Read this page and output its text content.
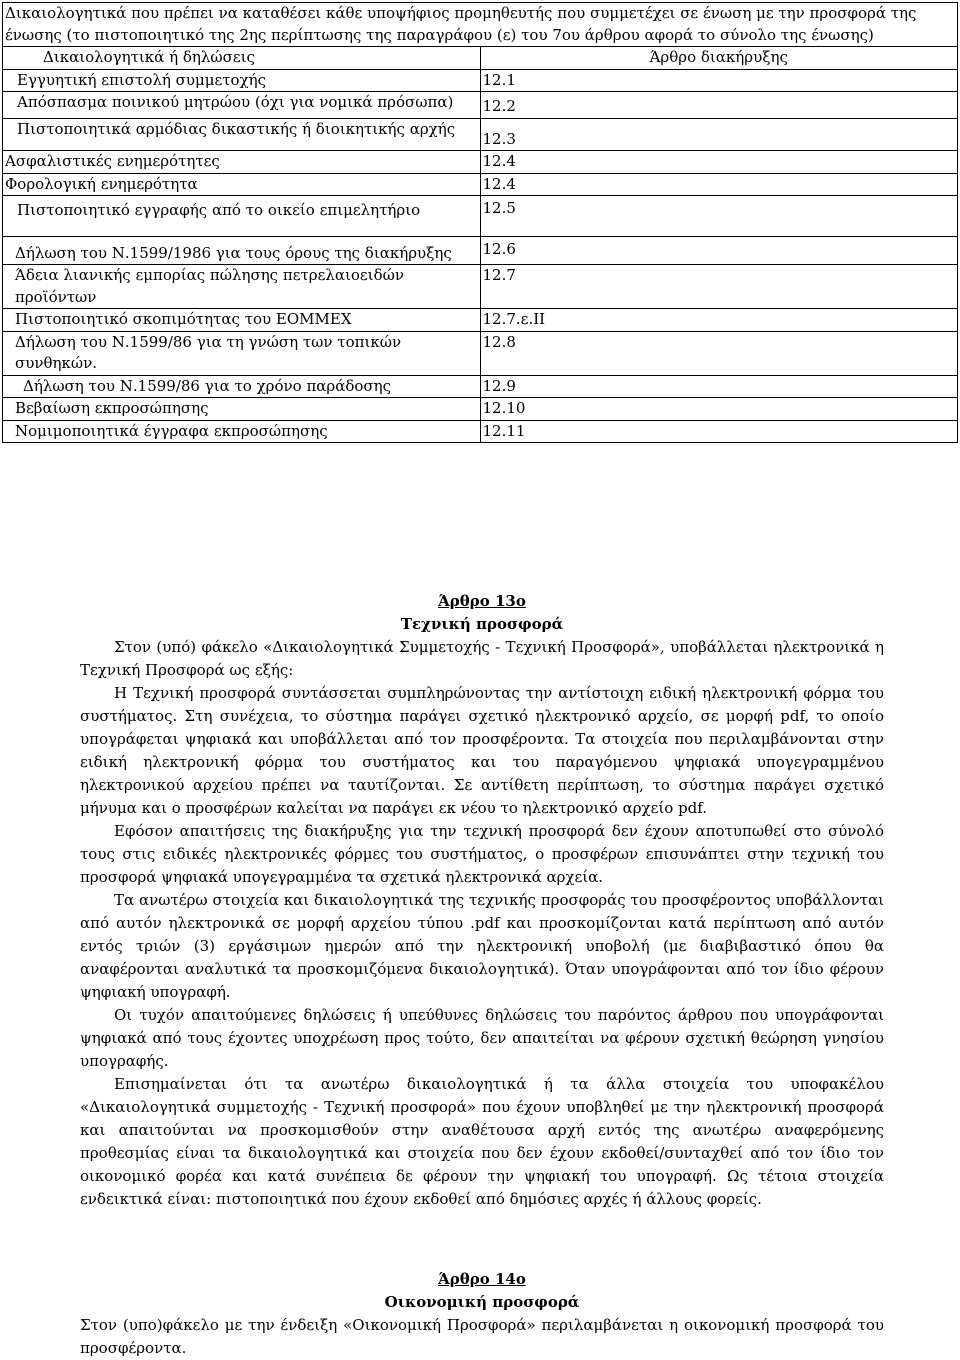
Δικαιολογητικά που πρέπει να καταθέσει κάθε υποψήφιος προμηθευτής που συμμετέχει σε ένωση με την προσφορά της ένωσης (το πιστοποιητικό της 2ης περίπτωσης της παραγράφου (ε) του 7ου άρθρου αφορά το σύνολο της ένωσης)	
Δικαιολογητικά ή δηλώσεις	Άρθρο διακήρυξης
Εγγυητική επιστολή συμμετοχής	12.1
Απόσπασμα ποινικού μητρώου (όχι για νομικά πρόσωπα)	12.2
Πιστοποιητικά αρμόδιας δικαστικής ή διοικητικής αρχής	12.3
Ασφαλιστικές ενημερότητες	12.4
Φορολογική ενημερότητα	12.4
Πιστοποιητικό εγγραφής από το οικείο επιμελητήριο	12.5
Δήλωση του Ν.1599/1986 για τους όρους της διακήρυξης	12.6
Άδεια λιανικής εμπορίας πώλησης πετρελαιοειδών προϊόντων	12.7
Πιστοποιητικό σκοπιμότητας του ΕΟΜΜΕΧ	12.7.ε.ΙΙ
Δήλωση του Ν.1599/86 για τη γνώση των τοπικών συνθηκών.	12.8
Δήλωση του Ν.1599/86 για το χρόνο παράδοσης	12.9
Βεβαίωση εκπροσώπησης	12.10
Νομιμοποιητικά έγγραφα εκπροσώπησης	12.11
Άρθρο 13ο
Τεχνική προσφορά

Στον (υπό) φάκελο «Δικαιολογητικά Συμμετοχής - Τεχνική Προσφορά», υποβάλλεται ηλεκτρονικά η Τεχνική Προσφορά ως εξής:

Η Τεχνική προσφορά συντάσσεται συμπληρώνοντας την αντίστοιχη ειδική ηλεκτρονική φόρμα του συστήματος. Στη συνέχεια, το σύστημα παράγει σχετικό ηλεκτρονικό αρχείο, σε μορφή pdf, το οποίο υπογράφεται ψηφιακά και υποβάλλεται από τον προσφέροντα. Τα στοιχεία που περιλαμβάνονται στην ειδική ηλεκτρονική φόρμα του συστήματος και του παραγόμενου ψηφιακά υπογεγραμμένου ηλεκτρονικού αρχείου πρέπει να ταυτίζονται. Σε αντίθετη περίπτωση, το σύστημα παράγει σχετικό μήνυμα και ο προσφέρων καλείται να παράγει εκ νέου το ηλεκτρονικό αρχείο pdf.

Εφόσον απαιτήσεις της διακήρυξης για την τεχνική προσφορά δεν έχουν αποτυπωθεί στο σύνολό τους στις ειδικές ηλεκτρονικές φόρμες του συστήματος, ο προσφέρων επισυνάπτει στην τεχνική του προσφορά ψηφιακά υπογεγραμμένα τα σχετικά ηλεκτρονικά αρχεία.

Τα ανωτέρω στοιχεία και δικαιολογητικά της τεχνικής προσφοράς του προσφέροντος υποβάλλονται από αυτόν ηλεκτρονικά σε μορφή αρχείου τύπου .pdf και προσκομίζονται κατά περίπτωση από αυτόν εντός τριών (3) εργάσιμων ημερών από την ηλεκτρονική υποβολή (με διαβιβαστικό όπου θα αναφέρονται αναλυτικά τα προσκομιζόμενα δικαιολογητικά). Όταν υπογράφονται από τον ίδιο φέρουν ψηφιακή υπογραφή.

Οι τυχόν απαιτούμενες δηλώσεις ή υπεύθυνες δηλώσεις του παρόντος άρθρου που υπογράφονται ψηφιακά από τους έχοντες υποχρέωση προς τούτο, δεν απαιτείται να φέρουν σχετική θεώρηση γνησίου υπογραφής.

Επισημαίνεται ότι τα ανωτέρω δικαιολογητικά ή τα άλλα στοιχεία του υποφακέλου «Δικαιολογητικά συμμετοχής - Τεχνική προσφορά» που έχουν υποβληθεί με την ηλεκτρονική προσφορά και απαιτούνται να προσκομισθούν στην αναθέτουσα αρχή εντός της ανωτέρω αναφερόμενης προθεσμίας είναι τα δικαιολογητικά και στοιχεία που δεν έχουν εκδοθεί/συνταχθεί από τον ίδιο τον οικονομικό φορέα και κατά συνέπεια δε φέρουν την ψηφιακή του υπογραφή. Ως τέτοια στοιχεία ενδεικτικά είναι: πιστοποιητικά που έχουν εκδοθεί από δημόσιες αρχές ή άλλους φορείς.

Άρθρο 14ο
Οικονομική προσφορά

Στον (υπο)φάκελο με την ένδειξη «Οικονομική Προσφορά» περιλαμβάνεται η οικονομική προσφορά του προσφέροντα.
